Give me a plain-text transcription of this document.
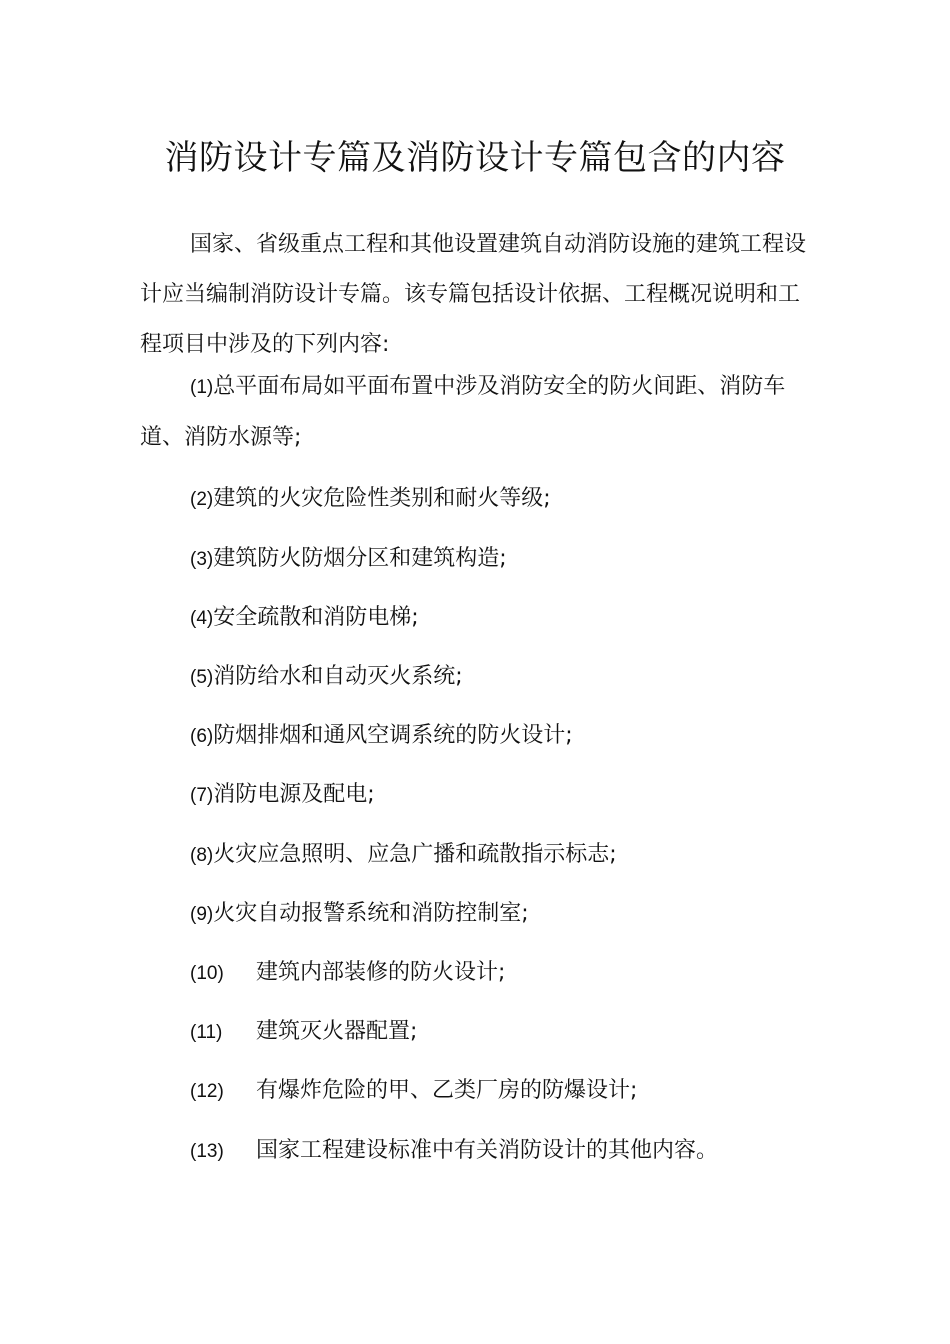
消防设计专篇及消防设计专篇包含的内容

国家、省级重点工程和其他设置建筑自动消防设施的建筑工程设计应当编制消防设计专篇。该专篇包括设计依据、工程概况说明和工程项目中涉及的下列内容:

(1)总平面布局如平面布置中涉及消防安全的防火间距、消防车道、消防水源等;

(2)建筑的火灾危险性类别和耐火等级;

(3)建筑防火防烟分区和建筑构造;

(4)安全疏散和消防电梯;

(5)消防给水和自动灭火系统;

(6)防烟排烟和通风空调系统的防火设计;

(7)消防电源及配电;

(8)火灾应急照明、应急广播和疏散指示标志;

(9)火灾自动报警系统和消防控制室;

(10) 建筑内部装修的防火设计;

(11) 建筑灭火器配置;

(12) 有爆炸危险的甲、乙类厂房的防爆设计;

(13) 国家工程建设标准中有关消防设计的其他内容。
